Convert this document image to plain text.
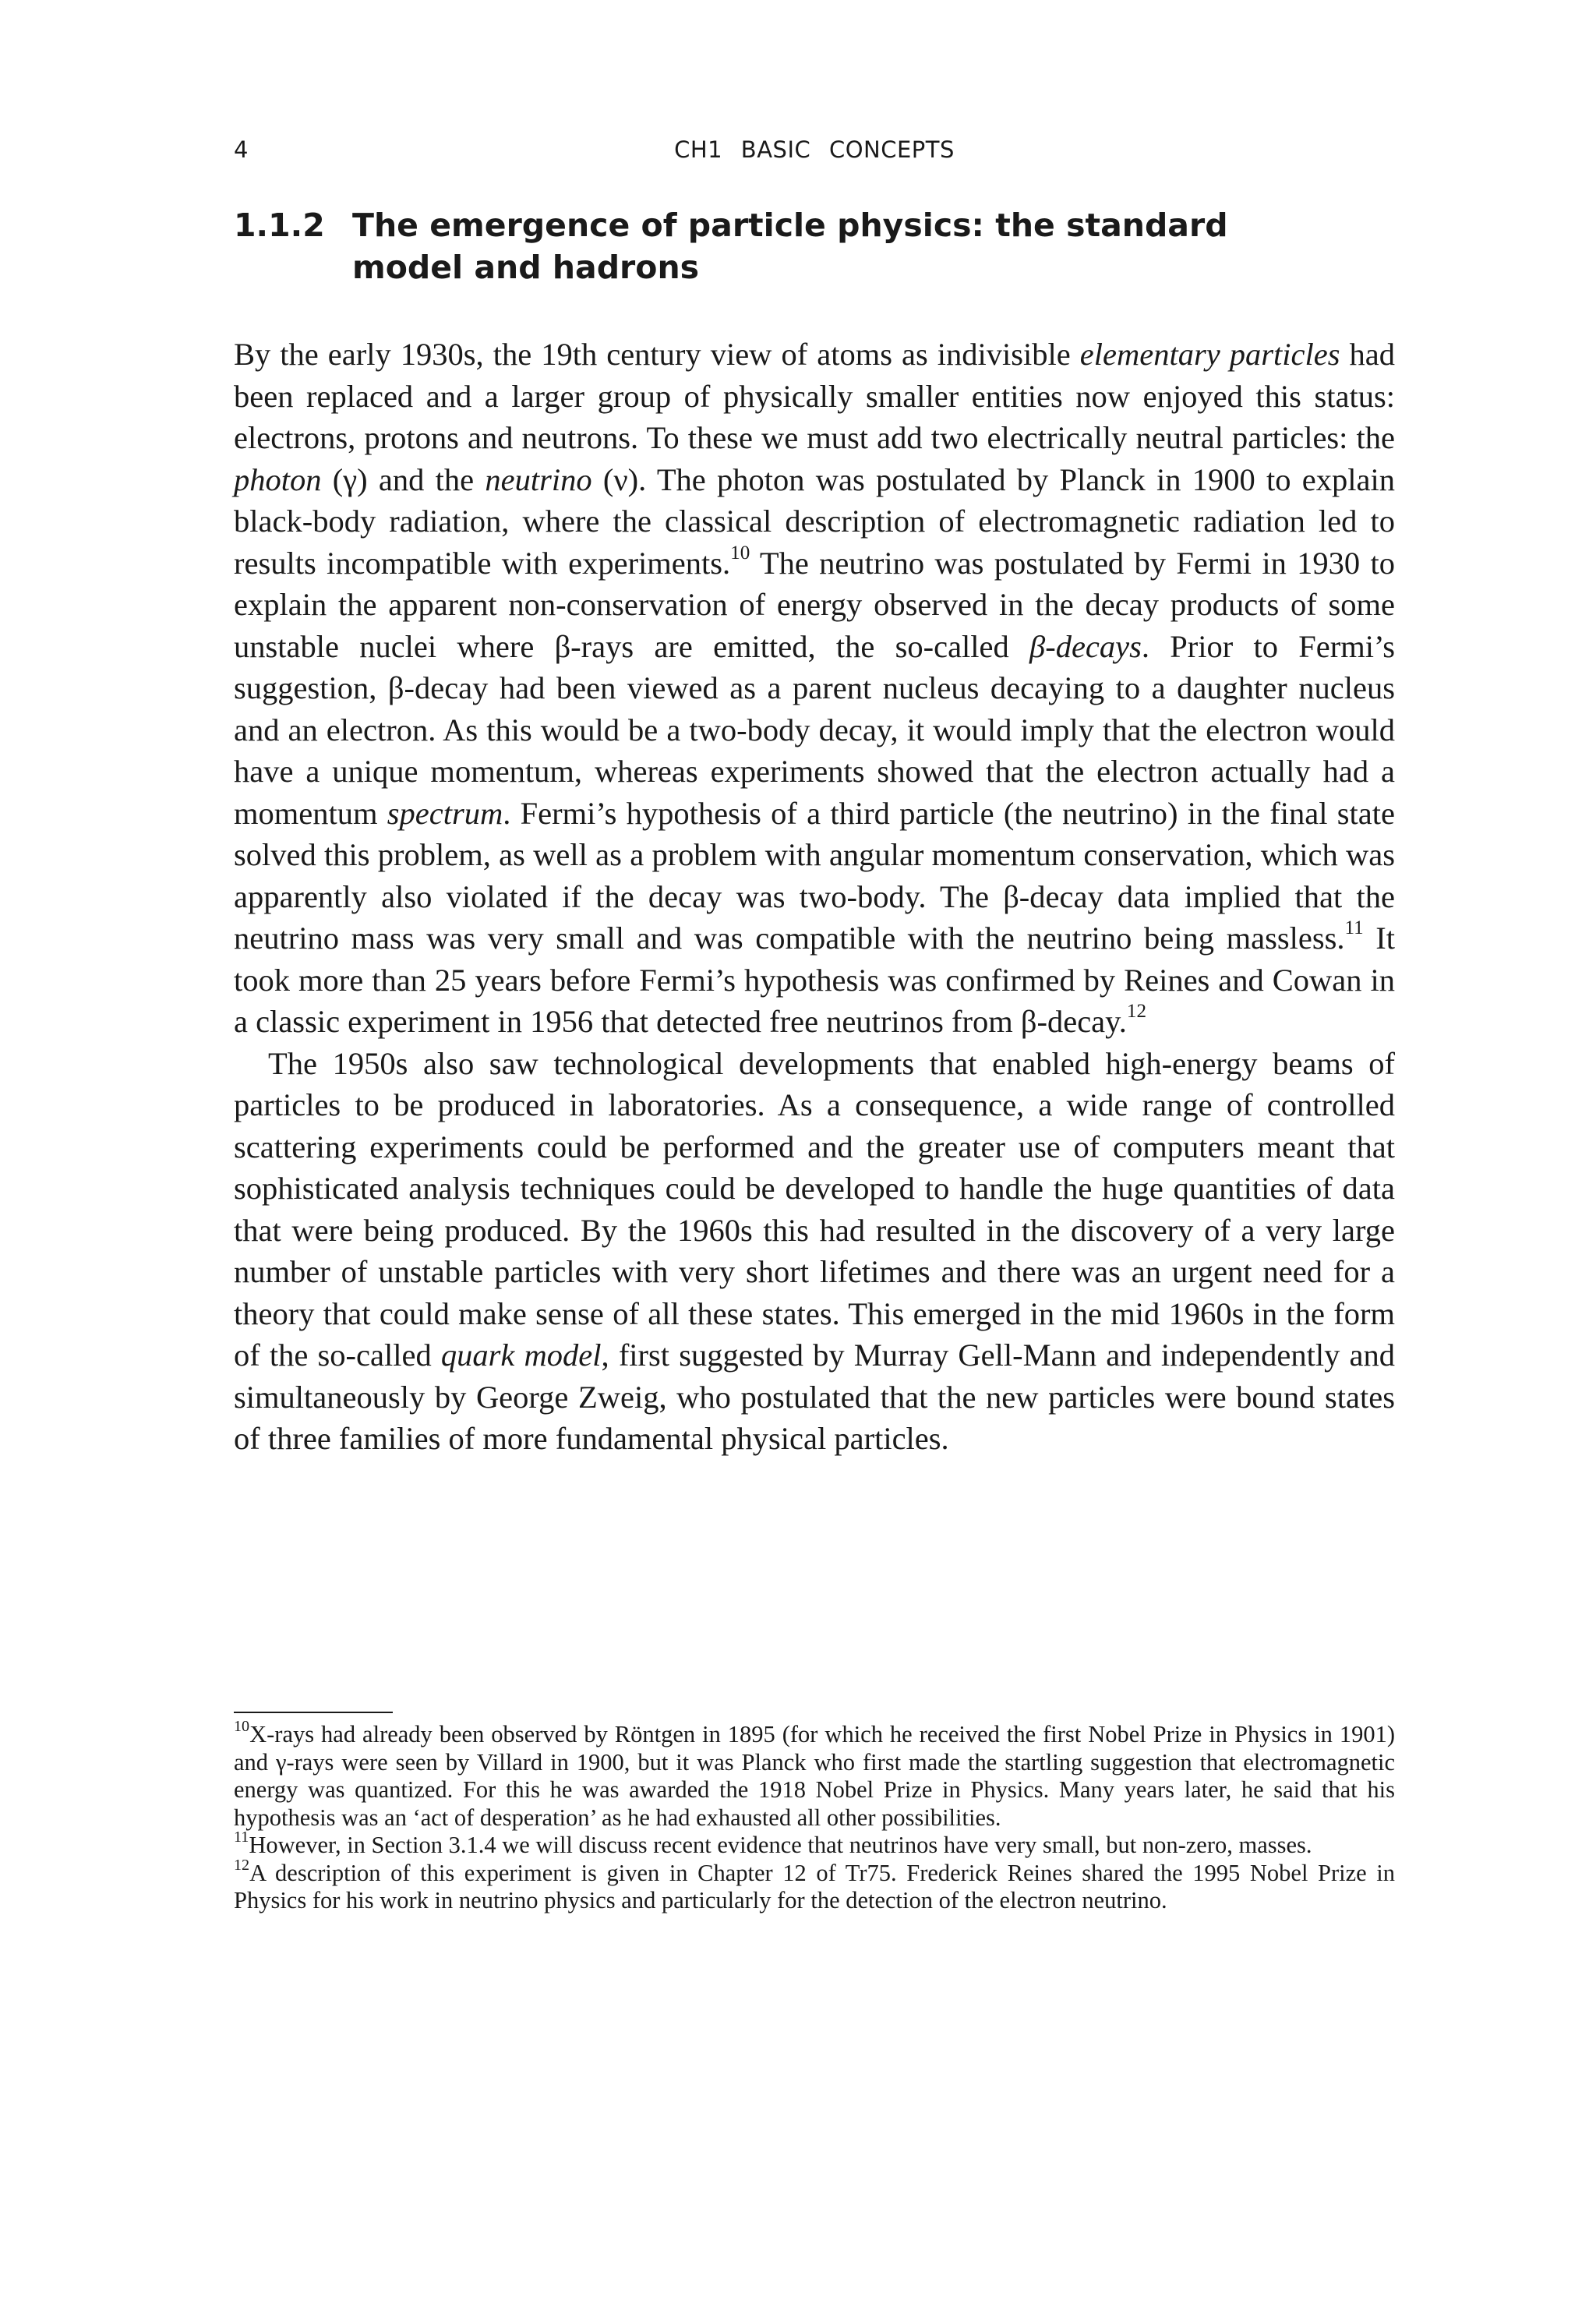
4	CH1 BASIC CONCEPTS
1.1.2 The emergence of particle physics: the standard model and hadrons

By the early 1930s, the 19th century view of atoms as indivisible elementary particles had been replaced and a larger group of physically smaller entities now enjoyed this status: electrons, protons and neutrons. To these we must add two electrically neutral particles: the photon (γ) and the neutrino (ν). The photon was postulated by Planck in 1900 to explain black-body radiation, where the classical description of electromagnetic radiation led to results incompatible with experiments.$^{10}$ The neutrino was postulated by Fermi in 1930 to explain the apparent non-conservation of energy observed in the decay products of some unstable nuclei where β-rays are emitted, the so-called β-decays. Prior to Fermi’s suggestion, β-decay had been viewed as a parent nucleus decaying to a daughter nucleus and an electron. As this would be a two-body decay, it would imply that the electron would have a unique momentum, whereas experiments showed that the electron actually had a momentum spectrum. Fermi’s hypothesis of a third particle (the neutrino) in the final state solved this problem, as well as a problem with angular momentum conservation, which was apparently also violated if the decay was two-body. The β-decay data implied that the neutrino mass was very small and was compatible with the neutrino being massless.$^{11}$ It took more than 25 years before Fermi’s hypothesis was confirmed by Reines and Cowan in a classic experiment in 1956 that detected free neutrinos from β-decay.$^{12}$

The 1950s also saw technological developments that enabled high-energy beams of particles to be produced in laboratories. As a consequence, a wide range of controlled scattering experiments could be performed and the greater use of computers meant that sophisticated analysis techniques could be developed to handle the huge quantities of data that were being produced. By the 1960s this had resulted in the discovery of a very large number of unstable particles with very short lifetimes and there was an urgent need for a theory that could make sense of all these states. This emerged in the mid 1960s in the form of the so-called quark model, first suggested by Murray Gell-Mann and independently and simultaneously by George Zweig, who postulated that the new particles were bound states of three families of more fundamental physical particles.

$^{10}$X-rays had already been observed by Röntgen in 1895 (for which he received the first Nobel Prize in Physics in 1901) and γ-rays were seen by Villard in 1900, but it was Planck who first made the startling suggestion that electromagnetic energy was quantized. For this he was awarded the 1918 Nobel Prize in Physics. Many years later, he said that his hypothesis was an ‘act of desperation’ as he had exhausted all other possibilities.

$^{11}$However, in Section 3.1.4 we will discuss recent evidence that neutrinos have very small, but non-zero, masses.

$^{12}$A description of this experiment is given in Chapter 12 of Tr75. Frederick Reines shared the 1995 Nobel Prize in Physics for his work in neutrino physics and particularly for the detection of the electron neutrino.
